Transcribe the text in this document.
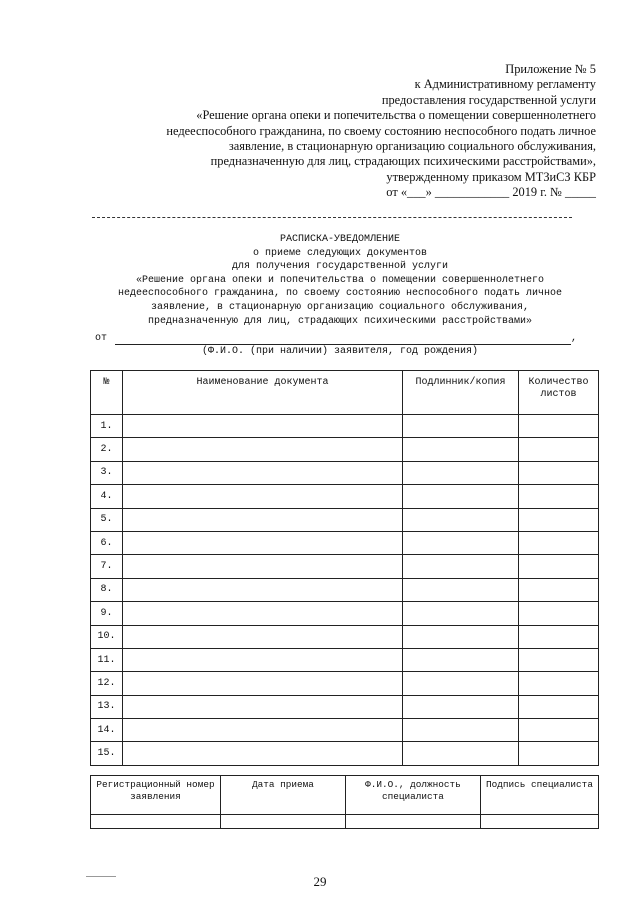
Приложение № 5
к Административному регламенту
предоставления государственной услуги
«Решение органа опеки и попечительства о помещении совершеннолетнего
недееспособного гражданина, по своему состоянию неспособного подать личное
заявление, в стационарную организацию социального обслуживания,
предназначенную для лиц, страдающих психическими расстройствами»,
утвержденному приказом МТЗиСЗ КБР
от «___» ____________ 2019 г. № _____
РАСПИСКА-УВЕДОМЛЕНИЕ
о приеме следующих документов
для получения государственной услуги
«Решение органа опеки и попечительства о помещении совершеннолетнего
недееспособного гражданина, по своему состоянию неспособного подать личное
заявление, в стационарную организацию социального обслуживания,
предназначенную для лиц, страдающих психическими расстройствами»
от	,
(Ф.И.О. (при наличии) заявителя, год рождения)
№	Наименование документа	Подлинник/копия	Количество листов
1.			
2.			
3.			
4.			
5.			
6.			
7.			
8.			
9.			
10.			
11.			
12.			
13.			
14.			
15.			
Регистрационный номер заявления	Дата приема	Ф.И.О., должность специалиста	Подпись специалиста

29
